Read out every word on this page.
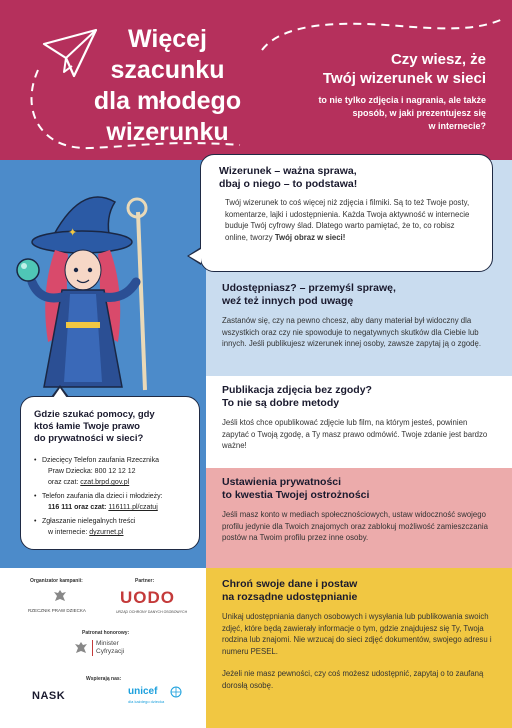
Więcej
szacunku
dla młodego
wizerunku
Czy wiesz, że
Twój wizerunek w sieci
to nie tylko zdjęcia i nagrania, ale także
sposób, w jaki prezentujesz się
w internecie?
✦
Gdzie szukać pomocy, gdy
ktoś łamie Twoje prawo
do prywatności w sieci?
• Dziecięcy Telefon zaufania Rzecznika
Praw Dziecka: 800 12 12 12
oraz czat: czat.brpd.gov.pl
• Telefon zaufania dla dzieci i młodzieży:
116 111 oraz czat: 116111.pl/czatuj
• Zgłaszanie nielegalnych treści
w internecie: dyzurnet.pl
Organizator kampanii:
RZECZNIK PRAW DZIECKA
Partner:
UODO
URZĄD OCHRONY DANYCH OSOBOWYCH
Patronat honorowy:
Minister
Cyfryzacji
Wspierają nas:
NASK	unicef
dla każdego dziecka
Wizerunek – ważna sprawa,
dbaj o niego – to podstawa!

Twój wizerunek to coś więcej niż zdjęcia i filmiki. Są to też Twoje posty, komentarze, lajki i udostępnienia. Każda Twoja aktywność w internecie buduje Twój cyfrowy ślad. Dlatego warto pamiętać, że to, co robisz online, tworzy Twój obraz w sieci!

Udostępniasz? – przemyśl sprawę,
weź też innych pod uwagę

Zastanów się, czy na pewno chcesz, aby dany materiał był widoczny dla wszystkich oraz czy nie spowoduje to negatywnych skutków dla Ciebie lub innych. Jeśli publikujesz wizerunek innej osoby, zawsze zapytaj ją o zgodę.

Publikacja zdjęcia bez zgody?
To nie są dobre metody

Jeśli ktoś chce opublikować zdjęcie lub film, na którym jesteś, powinien zapytać o Twoją zgodę, a Ty masz prawo odmówić. Twoje zdanie jest bardzo ważne!

Ustawienia prywatności
to kwestia Twojej ostrożności

Jeśli masz konto w mediach społecznościowych, ustaw widoczność swojego profilu jedynie dla Twoich znajomych oraz zablokuj możliwość zamieszczania postów na Twoim profilu przez inne osoby.

Chroń swoje dane i postaw
na rozsądne udostępnianie

Unikaj udostępniania danych osobowych i wysyłania lub publikowania swoich zdjęć, które będą zawierały informacje o tym, gdzie znajdujesz się Ty, Twoja rodzina lub znajomi. Nie wrzucaj do sieci zdjęć dokumentów, swojego adresu i numeru PESEL.

Jeżeli nie masz pewności, czy coś możesz udostępnić, zapytaj o to zaufaną dorosłą osobę.
